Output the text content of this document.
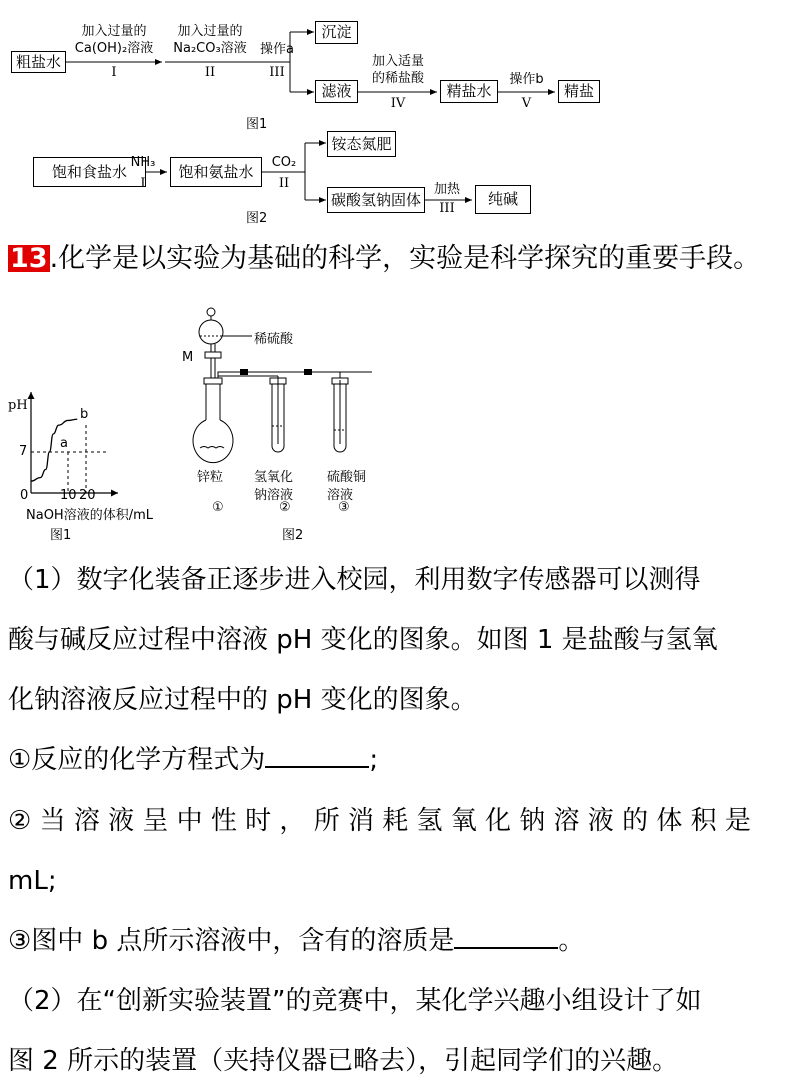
粗盐水
加入过量的
Ca(OH)₂溶液
I
加入过量的
Na₂CO₃溶液
II
操作a
III
沉淀
滤液
加入适量
的稀盐酸
IV
精盐水
操作b
V
精盐
图1
饱和食盐水 NH₃
I
饱和氨盐水	CO₂
II
铵态氮肥
碳酸氢钠固体
加热
III
纯碱
图2
13.化学是以实验为基础的科学，实验是科学探究的重要手段。
pH
7
0 10 20
NaOH溶液的体积/mL
a
b
图1
稀硫酸
M
锌粒 氢氧化
钠溶液
硫酸铜
溶液
①	②	③
图2
（1）数字化装备正逐步进入校园，利用数字传感器可以测得
酸与碱反应过程中溶液 pH 变化的图象。如图 1 是盐酸与氢氧
化钠溶液反应过程中的 pH 变化的图象。
①反应的化学方程式为	;
② 当 溶 液 呈 中 性 时 ， 所 消 耗 氢 氧 化 钠 溶 液 的 体 积 是
mL;
③图中 b 点所示溶液中，含有的溶质是	。
（2）在“创新实验装置”的竞赛中，某化学兴趣小组设计了如
图 2 所示的装置（夹持仪器已略去），引起同学们的兴趣。
